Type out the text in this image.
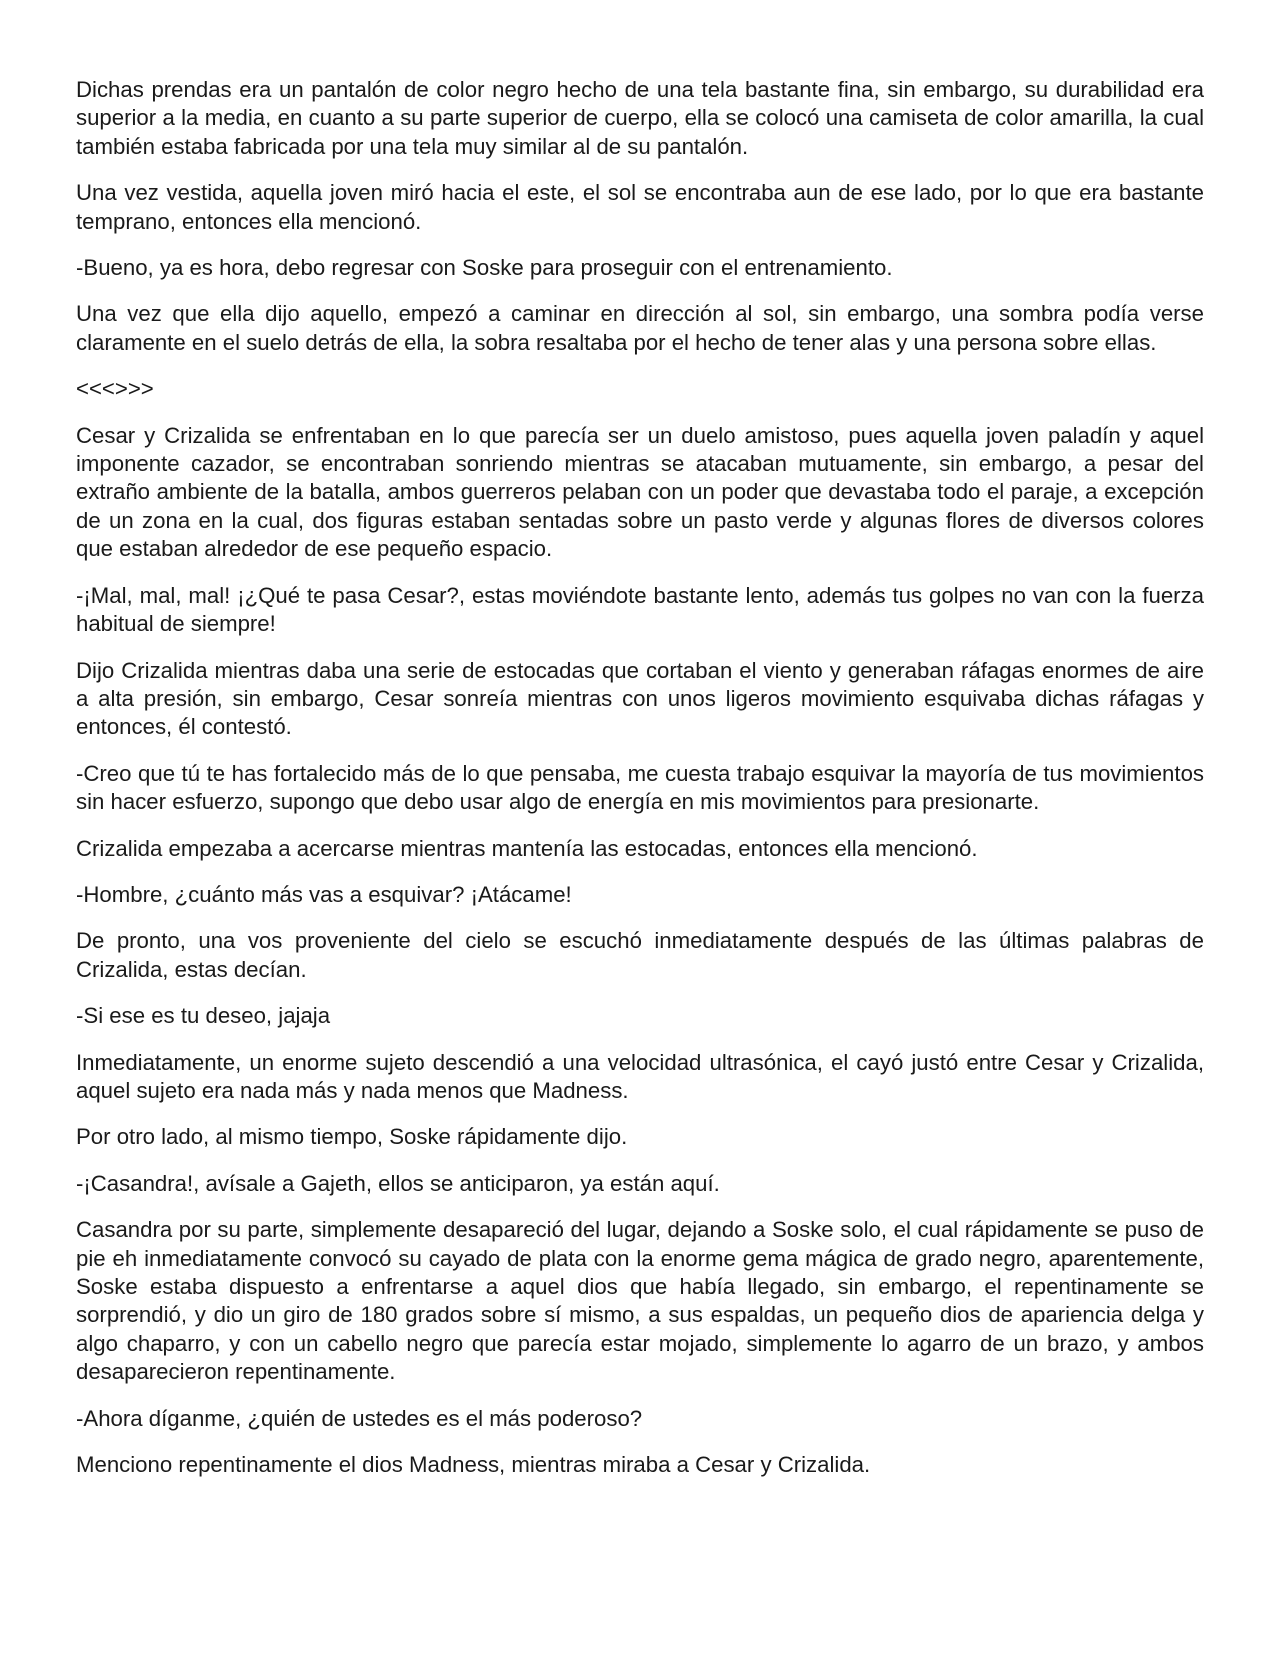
Dichas prendas era un pantalón de color negro hecho de una tela bastante fina, sin embargo, su durabilidad era superior a la media, en cuanto a su parte superior de cuerpo, ella se colocó una camiseta de color amarilla, la cual también estaba fabricada por una tela muy similar al de su pantalón.

Una vez vestida, aquella joven miró hacia el este, el sol se encontraba aun de ese lado, por lo que era bastante temprano, entonces ella mencionó.

-Bueno, ya es hora, debo regresar con Soske para proseguir con el entrenamiento.

Una vez que ella dijo aquello, empezó a caminar en dirección al sol, sin embargo, una sombra podía verse claramente en el suelo detrás de ella, la sobra resaltaba por el hecho de tener alas y una persona sobre ellas.

<<<>>>

Cesar y Crizalida se enfrentaban en lo que parecía ser un duelo amistoso, pues aquella joven paladín y aquel imponente cazador, se encontraban sonriendo mientras se atacaban mutuamente, sin embargo, a pesar del extraño ambiente de la batalla, ambos guerreros pelaban con un poder que devastaba todo el paraje, a excepción de un zona en la cual, dos figuras estaban sentadas sobre un pasto verde y algunas flores de diversos colores que estaban alrededor de ese pequeño espacio.

-¡Mal, mal, mal! ¡¿Qué te pasa Cesar?, estas moviéndote bastante lento, además tus golpes no van con la fuerza habitual de siempre!

Dijo Crizalida mientras daba una serie de estocadas que cortaban el viento y generaban ráfagas enormes de aire a alta presión, sin embargo, Cesar sonreía mientras con unos ligeros movimiento esquivaba dichas ráfagas y entonces, él contestó.

-Creo que tú te has fortalecido más de lo que pensaba, me cuesta trabajo esquivar la mayoría de tus movimientos sin hacer esfuerzo, supongo que debo usar algo de energía en mis movimientos para presionarte.

Crizalida empezaba a acercarse mientras mantenía las estocadas, entonces ella mencionó.

-Hombre, ¿cuánto más vas a esquivar? ¡Atácame!

De pronto, una vos proveniente del cielo se escuchó inmediatamente después de las últimas palabras de Crizalida, estas decían.

-Si ese es tu deseo, jajaja

Inmediatamente, un enorme sujeto descendió a una velocidad ultrasónica, el cayó justó entre Cesar y Crizalida, aquel sujeto era nada más y nada menos que Madness.

Por otro lado, al mismo tiempo, Soske rápidamente dijo.

-¡Casandra!, avísale a Gajeth, ellos se anticiparon, ya están aquí.

Casandra por su parte, simplemente desapareció del lugar, dejando a Soske solo, el cual rápidamente se puso de pie eh inmediatamente convocó su cayado de plata con la enorme gema mágica de grado negro, aparentemente, Soske estaba dispuesto a enfrentarse a aquel dios que había llegado, sin embargo, el repentinamente se sorprendió, y dio un giro de 180 grados sobre sí mismo, a sus espaldas, un pequeño dios de apariencia delga y algo chaparro, y con un cabello negro que parecía estar mojado, simplemente lo agarro de un brazo, y ambos desaparecieron repentinamente.

-Ahora díganme, ¿quién de ustedes es el más poderoso?

Menciono repentinamente el dios Madness, mientras miraba a Cesar y Crizalida.
